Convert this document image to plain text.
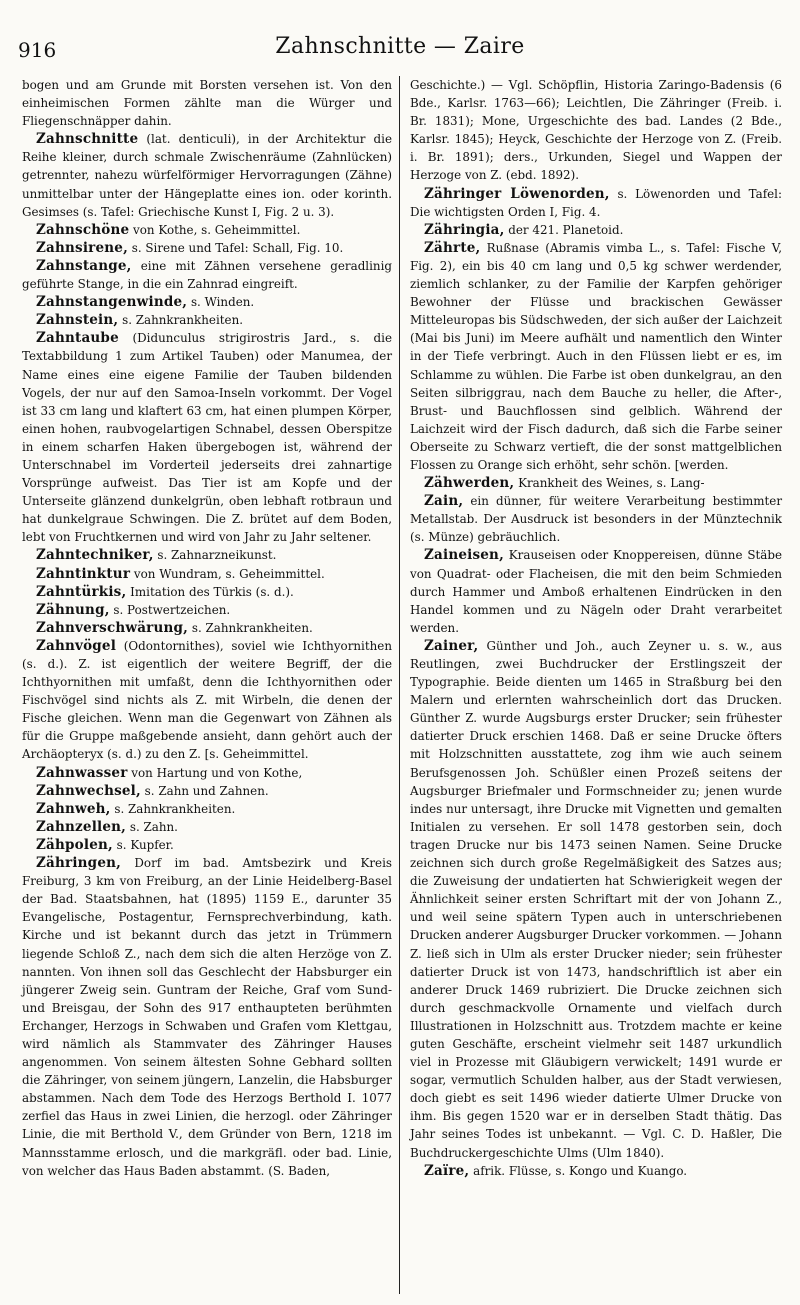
916	Zahnschnitte — Zaire

bogen und am Grunde mit Borsten versehen ist. Von den einheimischen Formen zählte man die Würger und Fliegenschnäpper dahin.

Zahnschnitte (lat. denticuli), in der Architektur die Reihe kleiner, durch schmale Zwischenräume (Zahnlücken) getrennter, nahezu würfelförmiger Hervorragungen (Zähne) unmittelbar unter der Hängeplatte eines ion. oder korinth. Gesimses (s. Tafel: Griechische Kunst I, Fig. 2 u. 3).

Zahnschöne von Kothe, s. Geheimmittel.

Zahnsirene, s. Sirene und Tafel: Schall, Fig. 10.

Zahnstange, eine mit Zähnen versehene geradlinig geführte Stange, in die ein Zahnrad eingreift.

Zahnstangenwinde, s. Winden.

Zahnstein, s. Zahnkrankheiten.

Zahntaube (Didunculus strigirostris Jard., s. die Textabbildung 1 zum Artikel Tauben) oder Manumea, der Name eines eine eigene Familie der Tauben bildenden Vogels, der nur auf den Samoa-Inseln vorkommt. Der Vogel ist 33 cm lang und klaftert 63 cm, hat einen plumpen Körper, einen hohen, raubvogelartigen Schnabel, dessen Oberspitze in einem scharfen Haken übergebogen ist, während der Unterschnabel im Vorderteil jederseits drei zahnartige Vorsprünge aufweist. Das Tier ist am Kopfe und der Unterseite glänzend dunkelgrün, oben lebhaft rotbraun und hat dunkelgraue Schwingen. Die Z. brütet auf dem Boden, lebt von Fruchtkernen und wird von Jahr zu Jahr seltener.

Zahntechniker, s. Zahnarzneikunst.

Zahntinktur von Wundram, s. Geheimmittel.

Zahntürkis, Imitation des Türkis (s. d.).

Zähnung, s. Postwertzeichen.

Zahnverschwärung, s. Zahnkrankheiten.

Zahnvögel (Odontornithes), soviel wie Ichthyornithen (s. d.). Z. ist eigentlich der weitere Begriff, der die Ichthyornithen mit umfaßt, denn die Ichthyornithen oder Fischvögel sind nichts als Z. mit Wirbeln, die denen der Fische gleichen. Wenn man die Gegenwart von Zähnen als für die Gruppe maßgebende ansieht, dann gehört auch der Archäopteryx (s. d.) zu den Z. [s. Geheimmittel.

Zahnwasser von Hartung und von Kothe,

Zahnwechsel, s. Zahn und Zahnen.

Zahnweh, s. Zahnkrankheiten.

Zahnzellen, s. Zahn.

Zähpolen, s. Kupfer.

Zähringen, Dorf im bad. Amtsbezirk und Kreis Freiburg, 3 km von Freiburg, an der Linie Heidelberg-Basel der Bad. Staatsbahnen, hat (1895) 1159 E., darunter 35 Evangelische, Postagentur, Fernsprechverbindung, kath. Kirche und ist bekannt durch das jetzt in Trümmern liegende Schloß Z., nach dem sich die alten Herzöge von Z. nannten. Von ihnen soll das Geschlecht der Habsburger ein jüngerer Zweig sein. Guntram der Reiche, Graf vom Sund- und Breisgau, der Sohn des 917 enthaupteten berühmten Erchanger, Herzogs in Schwaben und Grafen vom Klettgau, wird nämlich als Stammvater des Zähringer Hauses angenommen. Von seinem ältesten Sohne Gebhard sollten die Zähringer, von seinem jüngern, Lanzelin, die Habsburger abstammen. Nach dem Tode des Herzogs Berthold I. 1077 zerfiel das Haus in zwei Linien, die herzogl. oder Zähringer Linie, die mit Berthold V., dem Gründer von Bern, 1218 im Mannsstamme erlosch, und die markgräfl. oder bad. Linie, von welcher das Haus Baden abstammt. (S. Baden,

Geschichte.) — Vgl. Schöpflin, Historia Zaringo-Badensis (6 Bde., Karlsr. 1763—66); Leichtlen, Die Zähringer (Freib. i. Br. 1831); Mone, Urgeschichte des bad. Landes (2 Bde., Karlsr. 1845); Heyck, Geschichte der Herzoge von Z. (Freib. i. Br. 1891); ders., Urkunden, Siegel und Wappen der Herzoge von Z. (ebd. 1892).

Zähringer Löwenorden, s. Löwenorden und Tafel: Die wichtigsten Orden I, Fig. 4.

Zähringia, der 421. Planetoid.

Zährte, Rußnase (Abramis vimba L., s. Tafel: Fische V, Fig. 2), ein bis 40 cm lang und 0,5 kg schwer werdender, ziemlich schlanker, zu der Familie der Karpfen gehöriger Bewohner der Flüsse und brackischen Gewässer Mitteleuropas bis Südschweden, der sich außer der Laichzeit (Mai bis Juni) im Meere aufhält und namentlich den Winter in der Tiefe verbringt. Auch in den Flüssen liebt er es, im Schlamme zu wühlen. Die Farbe ist oben dunkelgrau, an den Seiten silbriggrau, nach dem Bauche zu heller, die After-, Brust- und Bauchflossen sind gelblich. Während der Laichzeit wird der Fisch dadurch, daß sich die Farbe seiner Oberseite zu Schwarz vertieft, die der sonst mattgelblichen Flossen zu Orange sich erhöht, sehr schön. [werden.

Zähwerden, Krankheit des Weines, s. Lang-

Zain, ein dünner, für weitere Verarbeitung bestimmter Metallstab. Der Ausdruck ist besonders in der Münztechnik (s. Münze) gebräuchlich.

Zaineisen, Krauseisen oder Knoppereisen, dünne Stäbe von Quadrat- oder Flacheisen, die mit den beim Schmieden durch Hammer und Amboß erhaltenen Eindrücken in den Handel kommen und zu Nägeln oder Draht verarbeitet werden.

Zainer, Günther und Joh., auch Zeyner u. s. w., aus Reutlingen, zwei Buchdrucker der Erstlingszeit der Typographie. Beide dienten um 1465 in Straßburg bei den Malern und erlernten wahrscheinlich dort das Drucken. Günther Z. wurde Augsburgs erster Drucker; sein frühester datierter Druck erschien 1468. Daß er seine Drucke öfters mit Holzschnitten ausstattete, zog ihm wie auch seinem Berufsgenossen Joh. Schüßler einen Prozeß seitens der Augsburger Briefmaler und Formschneider zu; jenen wurde indes nur untersagt, ihre Drucke mit Vignetten und gemalten Initialen zu versehen. Er soll 1478 gestorben sein, doch tragen Drucke nur bis 1473 seinen Namen. Seine Drucke zeichnen sich durch große Regelmäßigkeit des Satzes aus; die Zuweisung der undatierten hat Schwierigkeit wegen der Ähnlichkeit seiner ersten Schriftart mit der von Johann Z., und weil seine spätern Typen auch in unterschriebenen Drucken anderer Augsburger Drucker vorkommen. — Johann Z. ließ sich in Ulm als erster Drucker nieder; sein frühester datierter Druck ist von 1473, handschriftlich ist aber ein anderer Druck 1469 rubriziert. Die Drucke zeichnen sich durch geschmackvolle Ornamente und vielfach durch Illustrationen in Holzschnitt aus. Trotzdem machte er keine guten Geschäfte, erscheint vielmehr seit 1487 urkundlich viel in Prozesse mit Gläubigern verwickelt; 1491 wurde er sogar, vermutlich Schulden halber, aus der Stadt verwiesen, doch giebt es seit 1496 wieder datierte Ulmer Drucke von ihm. Bis gegen 1520 war er in derselben Stadt thätig. Das Jahr seines Todes ist unbekannt. — Vgl. C. D. Haßler, Die Buchdruckergeschichte Ulms (Ulm 1840).

Zaïre, afrik. Flüsse, s. Kongo und Kuango.
